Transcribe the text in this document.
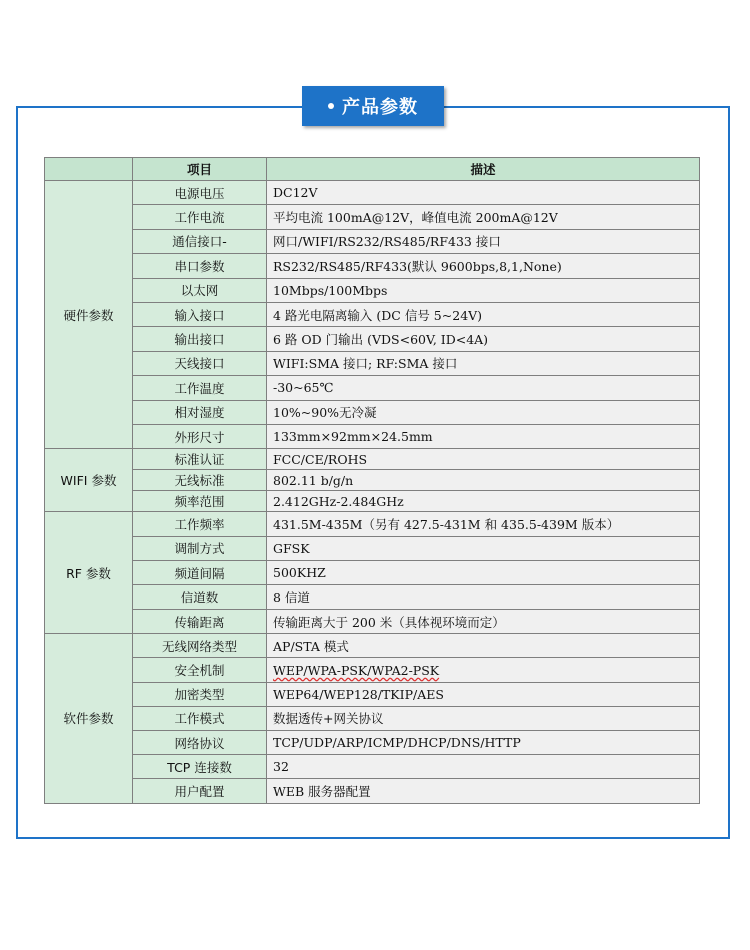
产品参数
	项目	描述
硬件参数	电源电压	DC12V
	工作电流	平均电流 100mA@12V，峰值电流 200mA@12V
	通信接口-	网口/WIFI/RS232/RS485/RF433 接口
	串口参数	RS232/RS485/RF433(默认 9600bps,8,1,None)
	以太网	10Mbps/100Mbps
	输入接口	4 路光电隔离输入 (DC 信号 5~24V)
	输出接口	6 路 OD 门输出 (VDS<60V, ID<4A)
	天线接口	WIFI:SMA 接口; RF:SMA 接口
	工作温度	-30~65℃
	相对湿度	10%~90%无冷凝
	外形尺寸	133mm×92mm×24.5mm
WIFI 参数	标准认证	FCC/CE/ROHS
	无线标准	802.11 b/g/n
	频率范围	2.412GHz-2.484GHz
RF 参数	工作频率	431.5M-435M（另有 427.5-431M 和 435.5-439M 版本）
	调制方式	GFSK
	频道间隔	500KHZ
	信道数	8 信道
	传输距离	传输距离大于 200 米（具体视环境而定）
软件参数	无线网络类型	AP/STA 模式
	安全机制	WEP/WPA-PSK/WPA2-PSK
	加密类型	WEP64/WEP128/TKIP/AES
	工作模式	数据透传+网关协议
	网络协议	TCP/UDP/ARP/ICMP/DHCP/DNS/HTTP
	TCP 连接数	32
	用户配置	WEB 服务器配置
